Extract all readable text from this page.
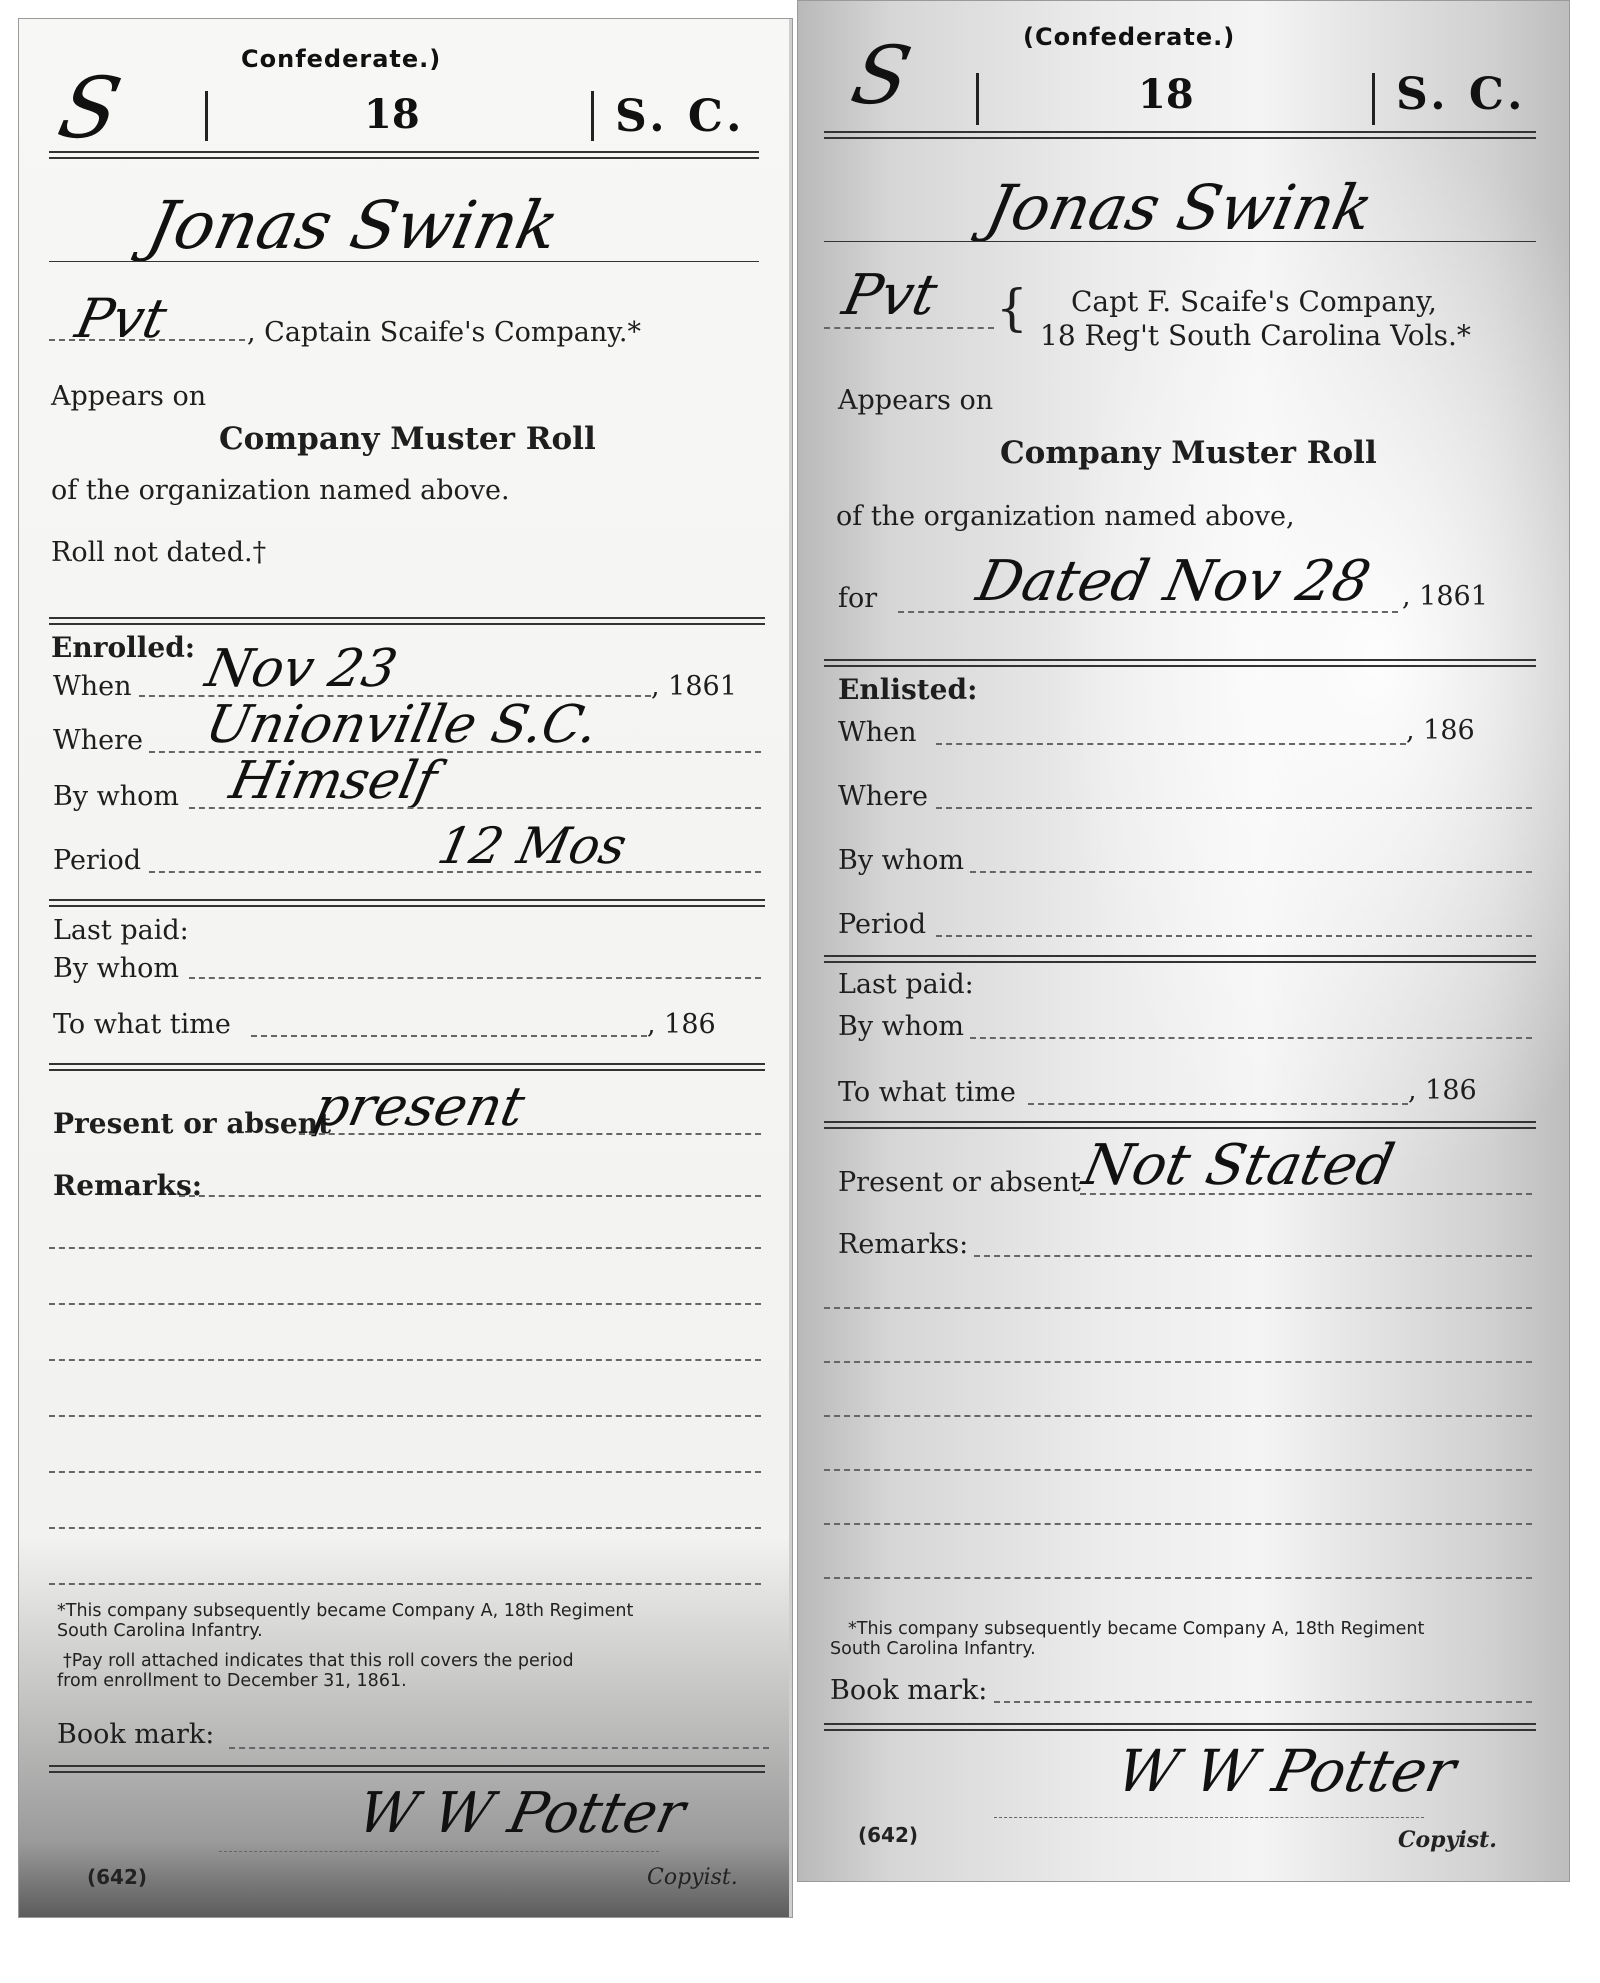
Confederate.)
S	18	S. C.
Jonas Swink
Pvt	, Captain Scaife's Company.*
Appears on
Company Muster Roll
of the organization named above.
Roll not dated.†
Enrolled:
When Nov 23	, 1861
Where Unionville S.C.
By whom Himself
Period	12 Mos
Last paid:
By whom
To what time	, 186
Present or absent
present
Remarks:
*This company subsequently became Company A, 18th Regiment
South Carolina Infantry.
†Pay roll attached indicates that this roll covers the period
from enrollment to December 31, 1861.
Book mark:
W W Potter
(642)	Copyist.
(Confederate.)
S	18	S. C.
Jonas Swink
Pvt { Capt F. Scaife's Company,
18 Reg't South Carolina Vols.*
Appears on
Company Muster Roll
of the organization named above,
for Dated Nov 28 , 1861
Enlisted:
When	, 186
Where
By whom
Period
Last paid:
By whom
To what time	, 186
Present or absent
Not Stated
Remarks:
*This company subsequently became Company A, 18th Regiment
South Carolina Infantry.
Book mark:
W W Potter
(642)	Copyist.
